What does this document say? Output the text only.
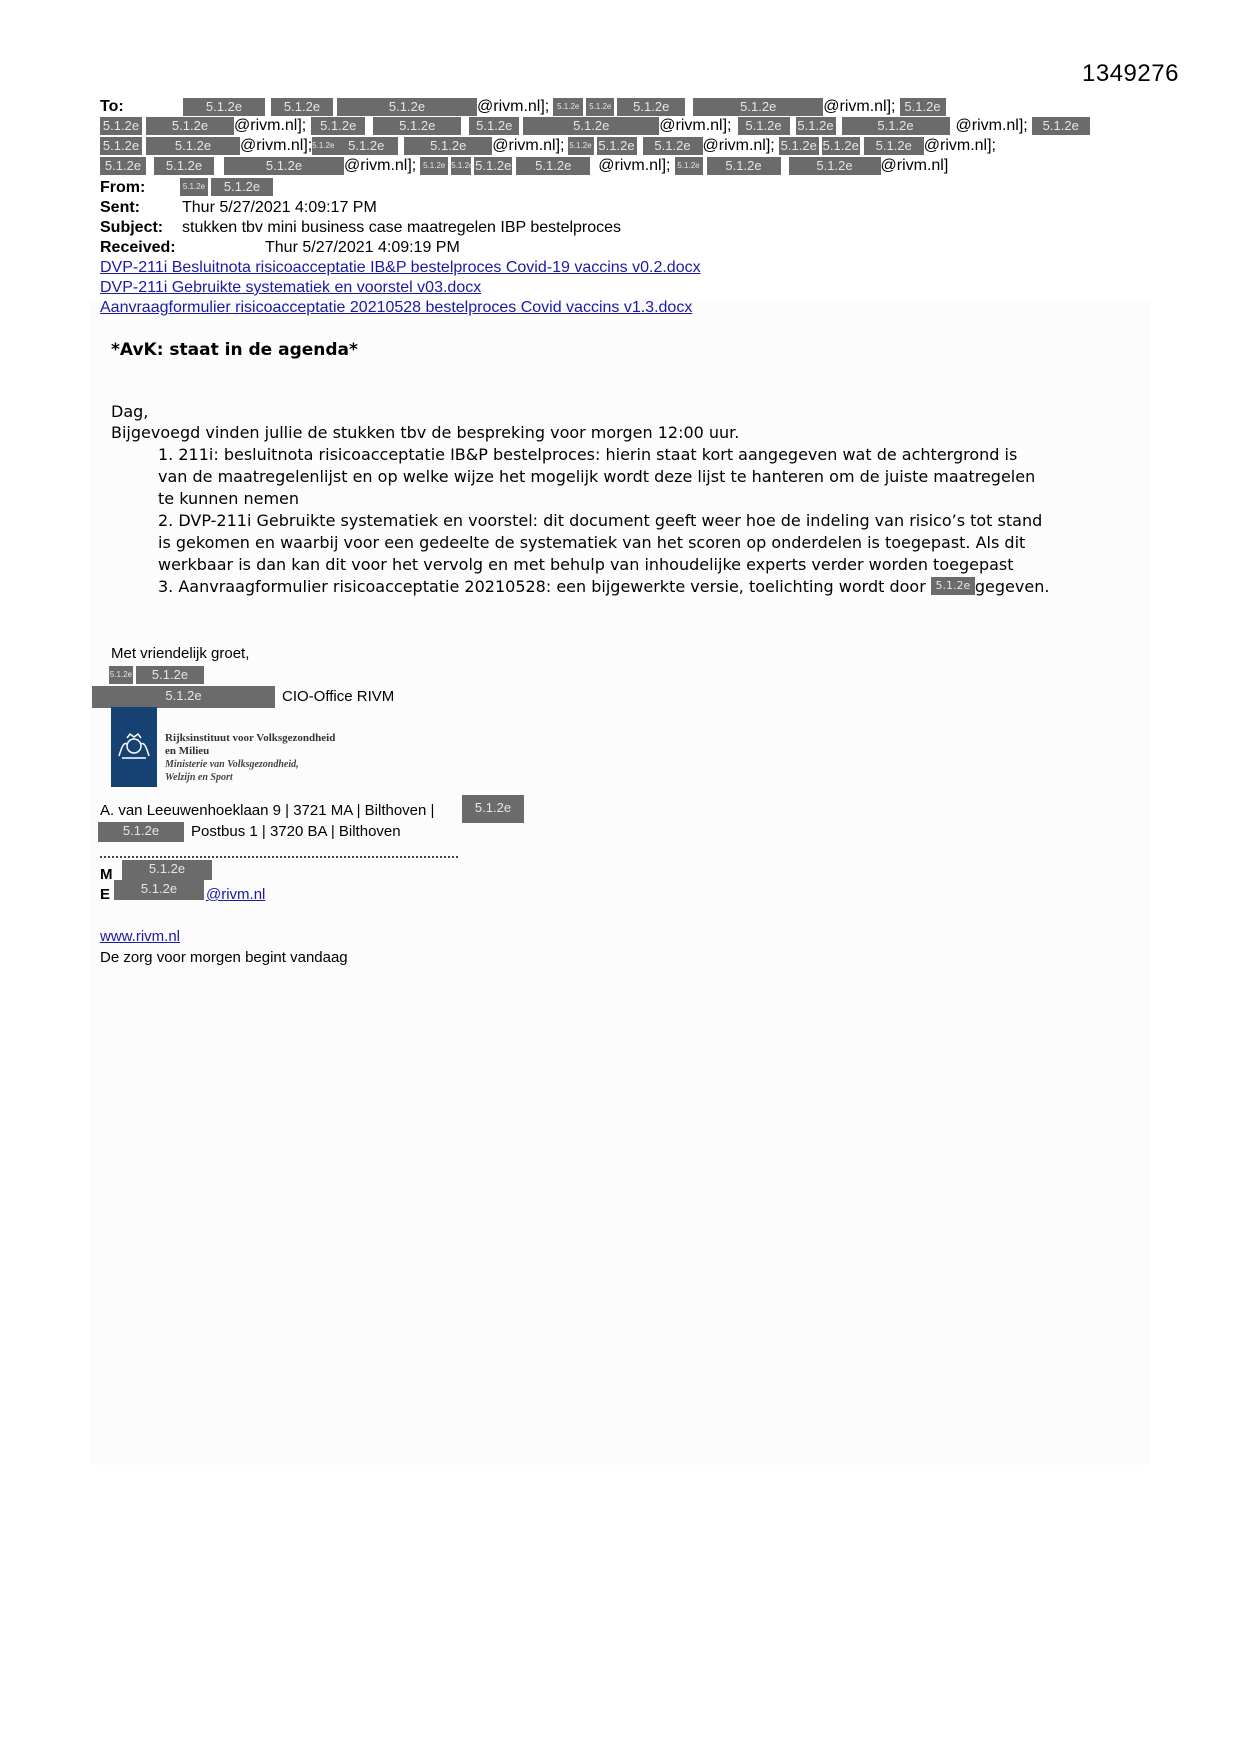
1349276
To:	5.1.2e	5.1.2e	5.1.2e	@rivm.nl]; 5.1.2e 5.1.2e 5.1.2e	5.1.2e	@rivm.nl]; 5.1.2e
5.1.2e	5.1.2e @rivm.nl]; 5.1.2e	5.1.2e	5.1.2e	5.1.2e	@rivm.nl]; 5.1.2e 5.1.2e	5.1.2e	@rivm.nl]; 5.1.2e
5.1.2e	5.1.2e @rivm.nl];5.1.2e 5.1.2e	5.1.2e @rivm.nl]; 5.1.2e 5.1.2e 5.1.2e @rivm.nl]; 5.1.2e 5.1.2e 5.1.2e @rivm.nl];
5.1.2e 5.1.2e	5.1.2e	@rivm.nl]; 5.1.2e 5.1.2e 5.1.2e 5.1.2e @rivm.nl]; 5.1.2e 5.1.2e	5.1.2e @rivm.nl]
From:	5.1.2e 5.1.2e
Sent:	Thur 5/27/2021 4:09:17 PM
Subject: stukken tbv mini business case maatregelen IBP bestelproces
Received:	Thur 5/27/2021 4:09:19 PM
DVP-211i Besluitnota risicoacceptatie IB&P bestelproces Covid-19 vaccins v0.2.docx
DVP-211i Gebruikte systematiek en voorstel v03.docx
Aanvraagformulier risicoacceptatie 20210528 bestelproces Covid vaccins v1.3.docx
*AvK: staat in de agenda*
Dag,
Bijgevoegd vinden jullie de stukken tbv de bespreking voor morgen 12:00 uur.
1. 211i: besluitnota risicoacceptatie IB&P bestelproces: hierin staat kort aangegeven wat de achtergrond is
van de maatregelenlijst en op welke wijze het mogelijk wordt deze lijst te hanteren om de juiste maatregelen
te kunnen nemen
2. DVP-211i Gebruikte systematiek en voorstel: dit document geeft weer hoe de indeling van risico’s tot stand
is gekomen en waarbij voor een gedeelte de systematiek van het scoren op onderdelen is toegepast. Als dit
werkbaar is dan kan dit voor het vervolg en met behulp van inhoudelijke experts verder worden toegepast
3. Aanvraagformulier risicoacceptatie 20210528: een bijgewerkte versie, toelichting wordt door 5.1.2e gegeven.
Met vriendelijk groet,
5.1.2e 5.1.2e
5.1.2e	CIO-Office RIVM
Rijksinstituut voor Volksgezondheid
en Milieu
Ministerie van Volksgezondheid,
Welzijn en Sport
A. van Leeuwenhoeklaan 9 | 3721 MA | Bilthoven |	5.1.2e
5.1.2e	Postbus 1 | 3720 BA | Bilthoven
M	5.1.2e
E	5.1.2e	@rivm.nl
www.rivm.nl
De zorg voor morgen begint vandaag
